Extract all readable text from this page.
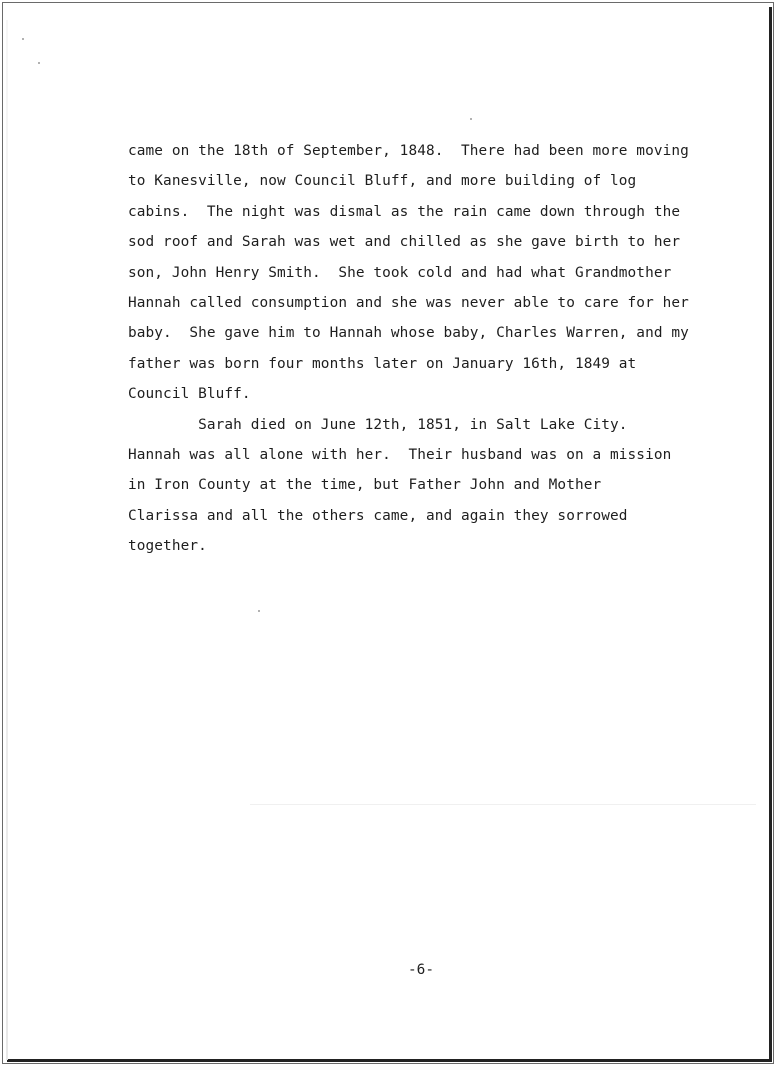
came on the 18th of September, 1848.  There had been more moving
to Kanesville, now Council Bluff, and more building of log
cabins.  The night was dismal as the rain came down through the
sod roof and Sarah was wet and chilled as she gave birth to her
son, John Henry Smith.  She took cold and had what Grandmother
Hannah called consumption and she was never able to care for her
baby.  She gave him to Hannah whose baby, Charles Warren, and my
father was born four months later on January 16th, 1849 at
Council Bluff.
Sarah died on June 12th, 1851, in Salt Lake City.
Hannah was all alone with her.  Their husband was on a mission
in Iron County at the time, but Father John and Mother
Clarissa and all the others came, and again they sorrowed
together.
-6-
